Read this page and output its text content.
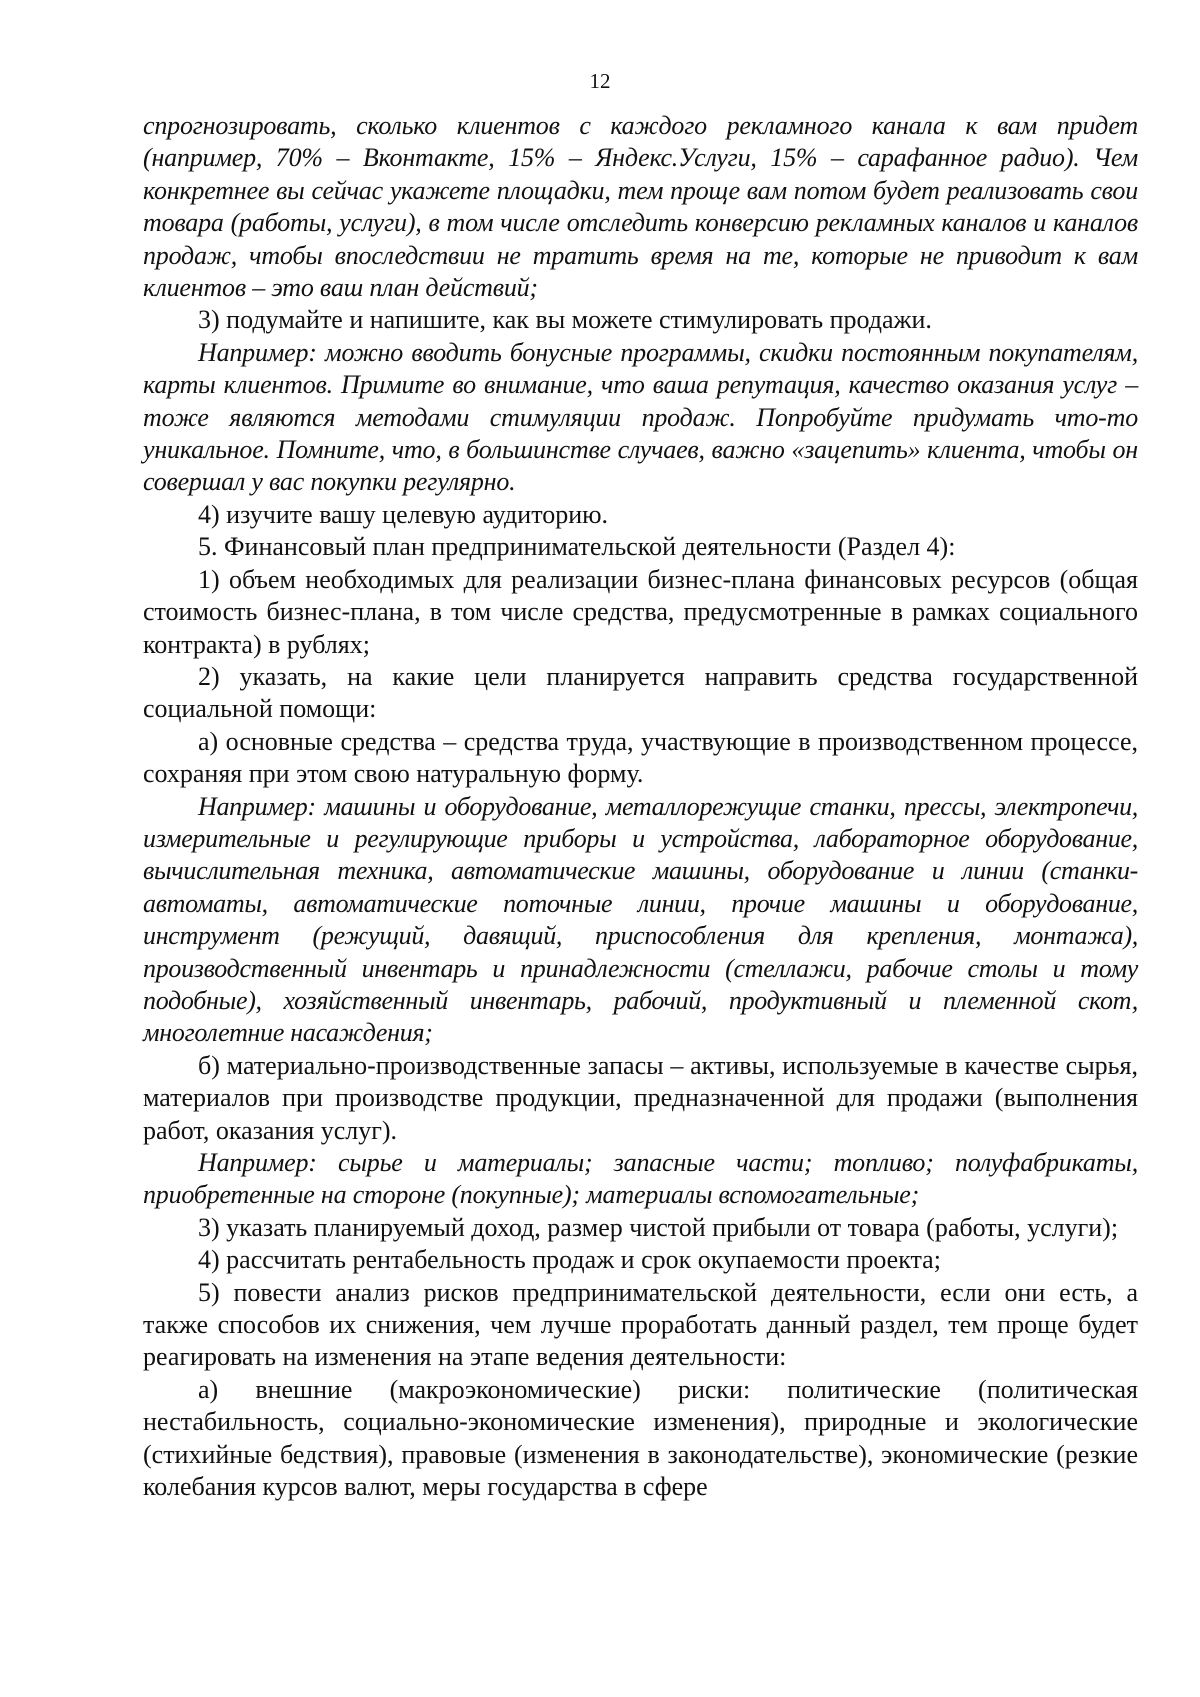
12

спрогнозировать, сколько клиентов с каждого рекламного канала к вам придет (например, 70% – Вконтакте, 15% – Яндекс.Услуги, 15% – сарафанное радио). Чем конкретнее вы сейчас укажете площадки, тем проще вам потом будет реализовать свои товара (работы, услуги), в том числе отследить конверсию рекламных каналов и каналов продаж, чтобы впоследствии не тратить время на те, которые не приводит к вам клиентов – это ваш план действий;

3) подумайте и напишите, как вы можете стимулировать продажи.

Например: можно вводить бонусные программы, скидки постоянным покупателям, карты клиентов. Примите во внимание, что ваша репутация, качество оказания услуг – тоже являются методами стимуляции продаж. Попробуйте придумать что-то уникальное. Помните, что, в большинстве случаев, важно «зацепить» клиента, чтобы он совершал у вас покупки регулярно.

4) изучите вашу целевую аудиторию.

5. Финансовый план предпринимательской деятельности (Раздел 4):

1) объем необходимых для реализации бизнес-плана финансовых ресурсов (общая стоимость бизнес-плана, в том числе средства, предусмотренные в рамках социального контракта) в рублях;

2) указать, на какие цели планируется направить средства государственной социальной помощи:

а) основные средства – средства труда, участвующие в производственном процессе, сохраняя при этом свою натуральную форму.

Например: машины и оборудование, металлорежущие станки, прессы, электропечи, измерительные и регулирующие приборы и устройства, лабораторное оборудование, вычислительная техника, автоматические машины, оборудование и линии (станки-автоматы, автоматические поточные линии, прочие машины и оборудование, инструмент (режущий, давящий, приспособления для крепления, монтажа), производственный инвентарь и принадлежности (стеллажи, рабочие столы и тому подобные), хозяйственный инвентарь, рабочий, продуктивный и племенной скот, многолетние насаждения;

б) материально-производственные запасы – активы, используемые в качестве сырья, материалов при производстве продукции, предназначенной для продажи (выполнения работ, оказания услуг).

Например: сырье и материалы; запасные части; топливо; полуфабрикаты, приобретенные на стороне (покупные); материалы вспомогательные;

3) указать планируемый доход, размер чистой прибыли от товара (работы, услуги);

4) рассчитать рентабельность продаж и срок окупаемости проекта;

5) повести анализ рисков предпринимательской деятельности, если они есть, а также способов их снижения, чем лучше проработать данный раздел, тем проще будет реагировать на изменения на этапе ведения деятельности:

а) внешние (макроэкономические) риски: политические (политическая нестабильность, социально-экономические изменения), природные и экологические (стихийные бедствия), правовые (изменения в законодательстве), экономические (резкие колебания курсов валют, меры государства в сфере
